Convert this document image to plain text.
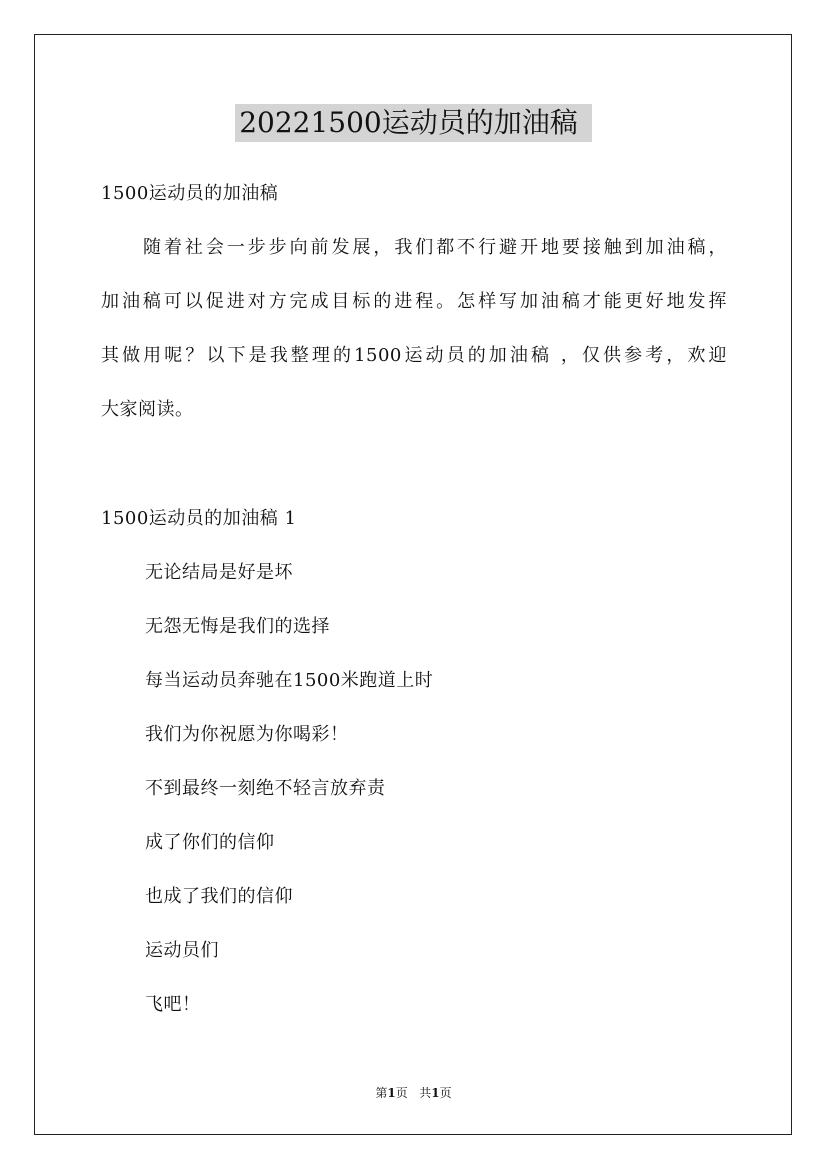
20221500运动员的加油稿
1500运动员的加油稿
随着社会一步步向前发展，我们都不行避开地要接触到加油稿，
加油稿可以促进对方完成目标的进程。怎样写加油稿才能更好地发挥
其做用呢？以下是我整理的1500运动员的加油稿 ，仅供参考，欢迎
大家阅读。
1500运动员的加油稿 1
无论结局是好是坏
无怨无悔是我们的选择
每当运动员奔驰在1500米跑道上时
我们为你祝愿为你喝彩！
不到最终一刻绝不轻言放弃责
成了你们的信仰
也成了我们的信仰
运动员们
飞吧！
第1页 共1页
